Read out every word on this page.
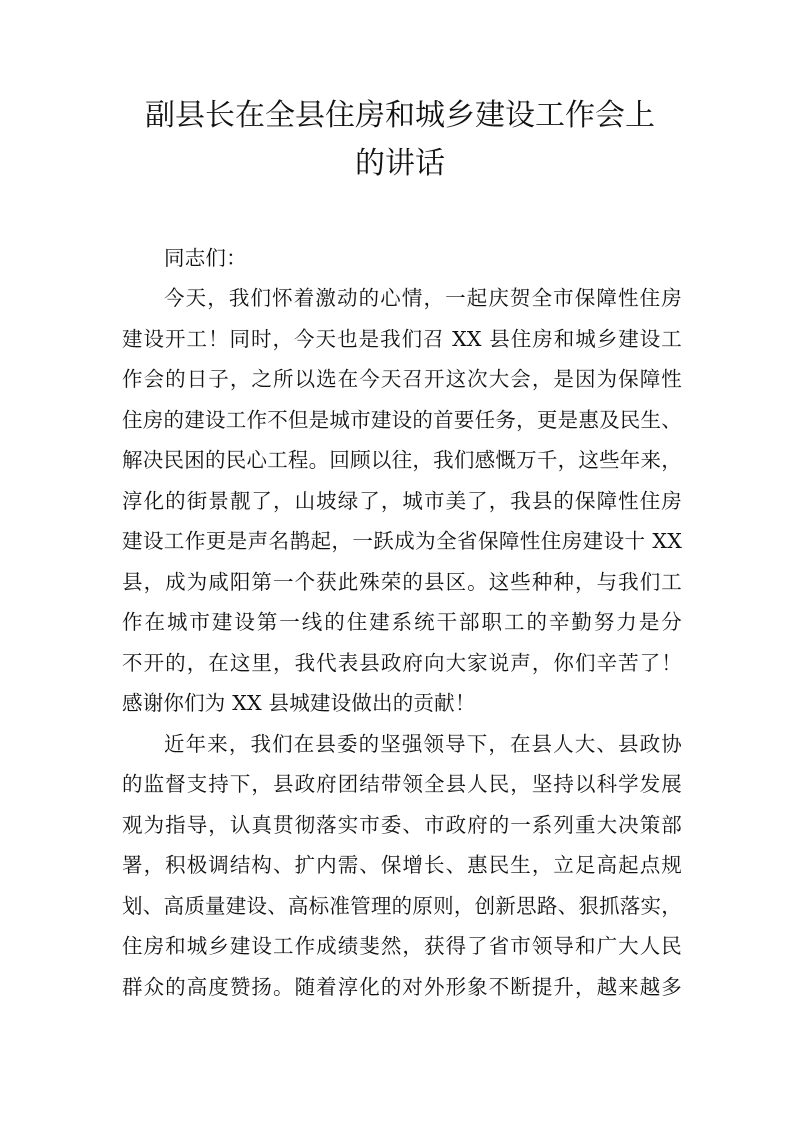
副县长在全县住房和城乡建设工作会上
的讲话
同志们：
今天，我们怀着激动的心情，一起庆贺全市保障性住房
建设开工！同时，今天也是我们召 XX 县住房和城乡建设工
作会的日子，之所以选在今天召开这次大会，是因为保障性
住房的建设工作不但是城市建设的首要任务，更是惠及民生、
解决民困的民心工程。回顾以往，我们感慨万千，这些年来，
淳化的街景靓了，山坡绿了，城市美了，我县的保障性住房
建设工作更是声名鹊起，一跃成为全省保障性住房建设十 XX
县，成为咸阳第一个获此殊荣的县区。这些种种，与我们工
作在城市建设第一线的住建系统干部职工的辛勤努力是分
不开的，在这里，我代表县政府向大家说声，你们辛苦了！
感谢你们为 XX 县城建设做出的贡献！
近年来，我们在县委的坚强领导下，在县人大、县政协
的监督支持下，县政府团结带领全县人民，坚持以科学发展
观为指导，认真贯彻落实市委、市政府的一系列重大决策部
署，积极调结构、扩内需、保增长、惠民生，立足高起点规
划、高质量建设、高标准管理的原则，创新思路、狠抓落实，
住房和城乡建设工作成绩斐然，获得了省市领导和广大人民
群众的高度赞扬。随着淳化的对外形象不断提升，越来越多
